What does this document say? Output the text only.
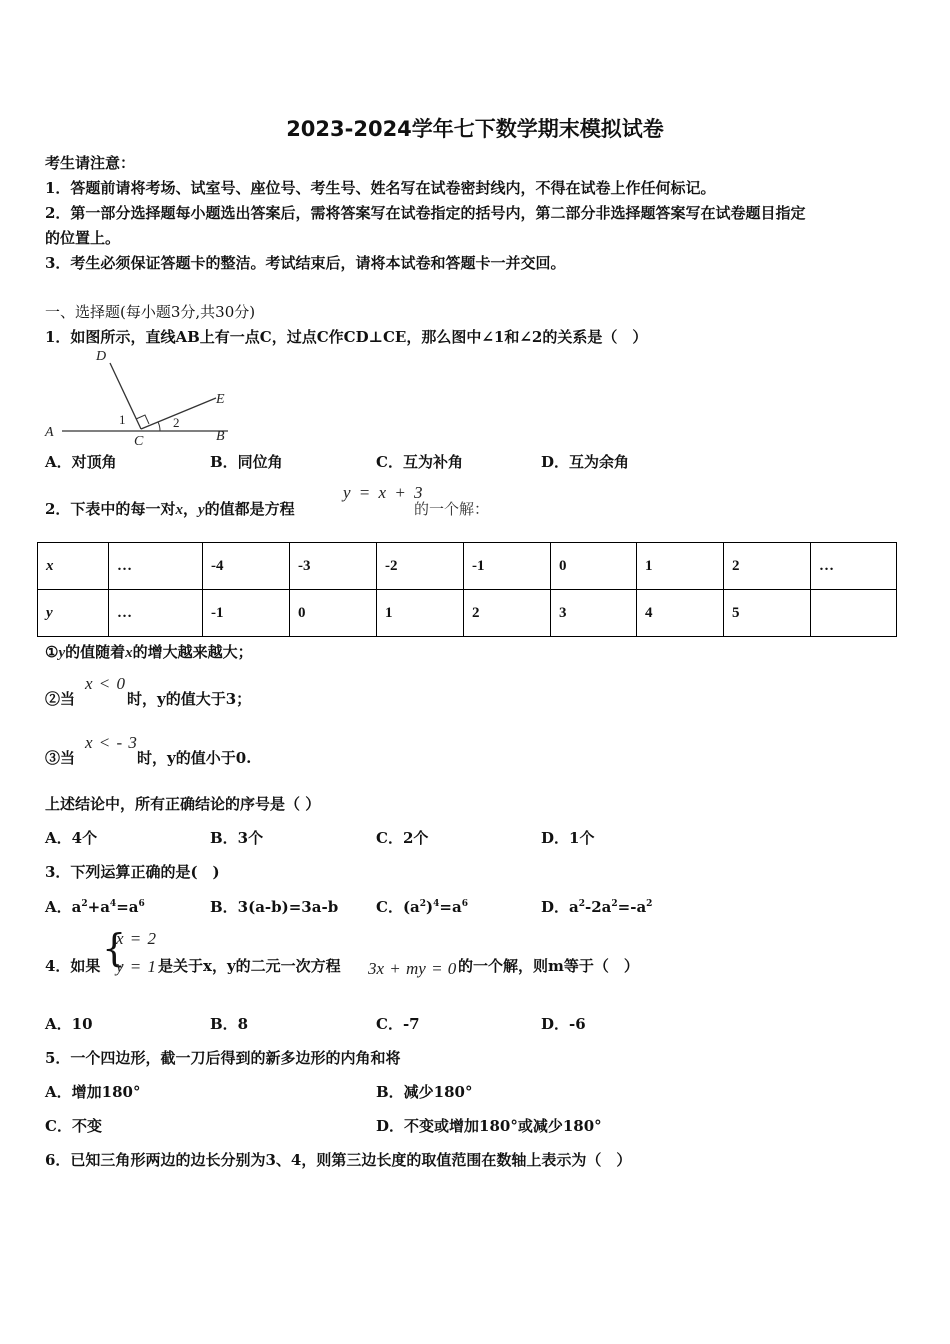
2023-2024学年七下数学期末模拟试卷
考生请注意：
1．答题前请将考场、试室号、座位号、考生号、姓名写在试卷密封线内，不得在试卷上作任何标记。
2．第一部分选择题每小题选出答案后，需将答案写在试卷指定的括号内，第二部分非选择题答案写在试卷题目指定
的位置上。
3．考生必须保证答题卡的整洁。考试结束后，请将本试卷和答题卡一并交回。
一、选择题(每小题3分,共30分)
1．如图所示，直线AB上有一点C，过点C作CD⊥CE，那么图中∠1和∠2的关系是（　）
D
E
A	B
C
1	2
A．对顶角	B．同位角	C．互为补角	D．互为余角
2．下表中的每一对x，y的值都是方程
y = x + 3
的一个解：
x	…	-4	-3	-2	-1	0	1	2	…
y	…	-1	0	1	2	3	4	5	
①y的值随着x的增大越来越大；
②当
x < 0
时，y的值大于3；
③当
x < - 3
时，y的值小于0.
上述结论中，所有正确结论的序号是（ ）
A．4个	B．3个	C．2个	D．1个
3．下列运算正确的是(　)
A．$a^2+a^4=a^6$	B．3(a-b)=3a-b	C．$(a^2)^4=a^6$	D．$a^2-2a^2=-a^2$
4．如果 {
x = 2
y = 1 是关于x，y的二元一次方程 3x + my = 0 的一个解，则m等于（　）
A．10	B．8	C．-7	D．-6
5．一个四边形，截一刀后得到的新多边形的内角和将
A．增加180°	B．减少180°
C．不变	D．不变或增加180°或减少180°
6．已知三角形两边的边长分别为3、4，则第三边长度的取值范围在数轴上表示为（　）
